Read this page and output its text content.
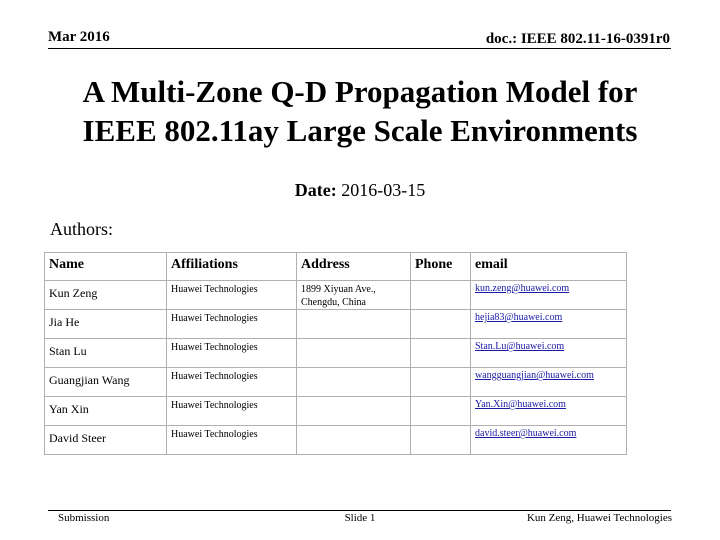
Mar 2016	doc.: IEEE 802.11-16-0391r0
A Multi-Zone Q-D Propagation Model for
IEEE 802.11ay Large Scale Environments
Date: 2016-03-15
Authors:
Name	Affiliations	Address	Phone	email
Kun Zeng	Huawei Technologies	1899 Xiyuan Ave.,
Chengdu, China		kun.zeng@huawei.com
Jia He	Huawei Technologies			hejia83@huawei.com
Stan Lu	Huawei Technologies			Stan.Lu@huawei.com
Guangjian Wang	Huawei Technologies			wangguangjian@huawei.com
Yan Xin	Huawei Technologies			Yan.Xin@huawei.com
David Steer	Huawei Technologies			david.steer@huawei.com
Submission	Slide 1	Kun Zeng, Huawei Technologies
